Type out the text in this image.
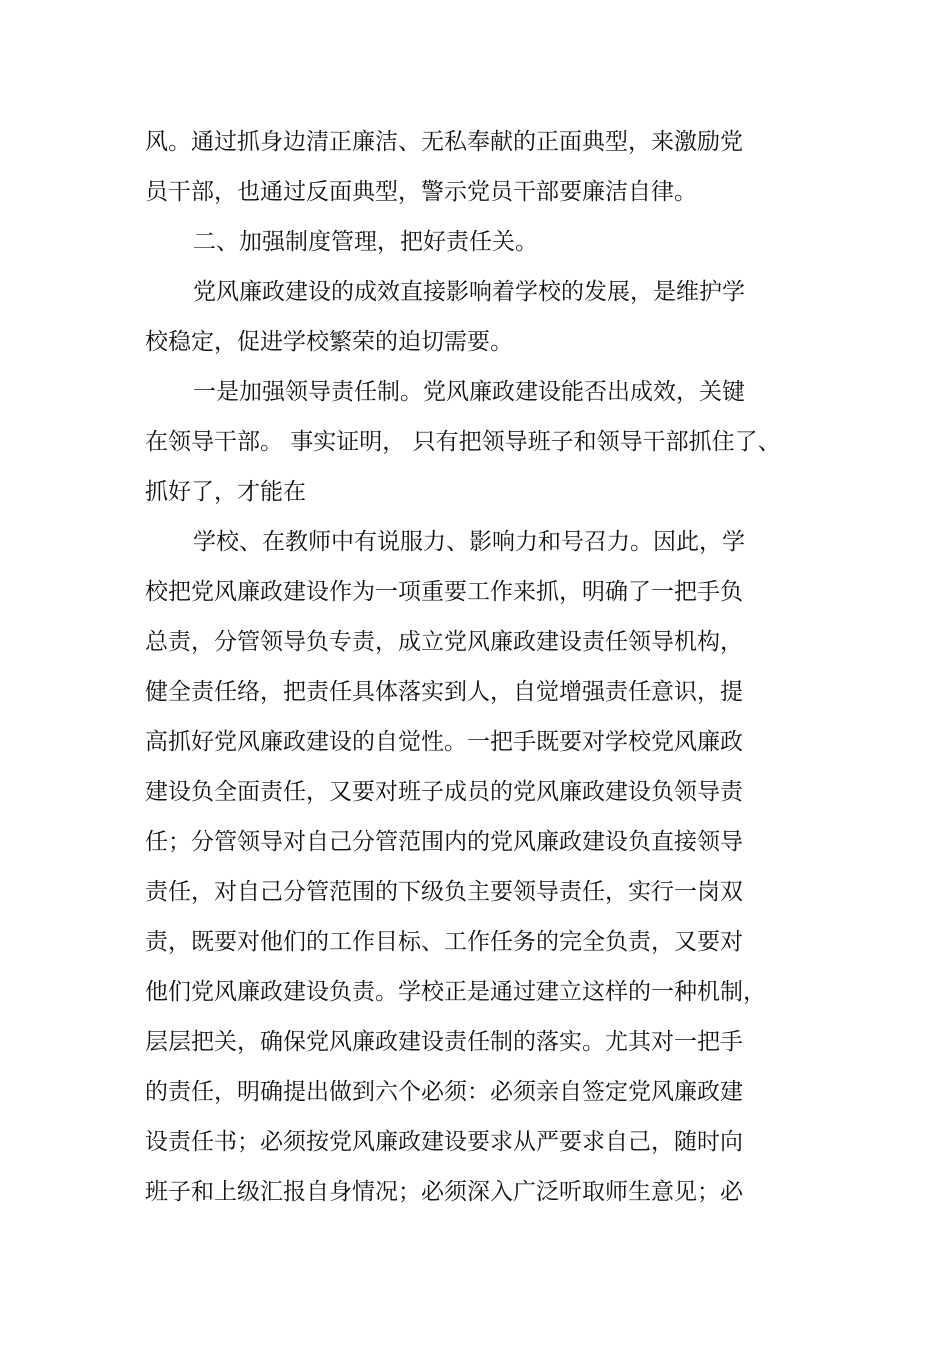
风。通过抓身边清正廉洁、无私奉献的正面典型，来激励党
员干部，也通过反面典型，警示党员干部要廉洁自律。
二、加强制度管理，把好责任关。
党风廉政建设的成效直接影响着学校的发展，是维护学
校稳定，促进学校繁荣的迫切需要。
一是加强领导责任制。党风廉政建设能否出成效，关键
在领导干部。 事实证明， 只有把领导班子和领导干部抓住了、
抓好了，才能在
学校、在教师中有说服力、影响力和号召力。因此，学
校把党风廉政建设作为一项重要工作来抓，明确了一把手负
总责，分管领导负专责，成立党风廉政建设责任领导机构，
健全责任络，把责任具体落实到人，自觉增强责任意识，提
高抓好党风廉政建设的自觉性。一把手既要对学校党风廉政
建设负全面责任，又要对班子成员的党风廉政建设负领导责
任；分管领导对自己分管范围内的党风廉政建设负直接领导
责任，对自己分管范围的下级负主要领导责任，实行一岗双
责，既要对他们的工作目标、工作任务的完全负责，又要对
他们党风廉政建设负责。学校正是通过建立这样的一种机制，
层层把关，确保党风廉政建设责任制的落实。尤其对一把手
的责任，明确提出做到六个必须：必须亲自签定党风廉政建
设责任书；必须按党风廉政建设要求从严要求自己，随时向
班子和上级汇报自身情况；必须深入广泛听取师生意见；必
